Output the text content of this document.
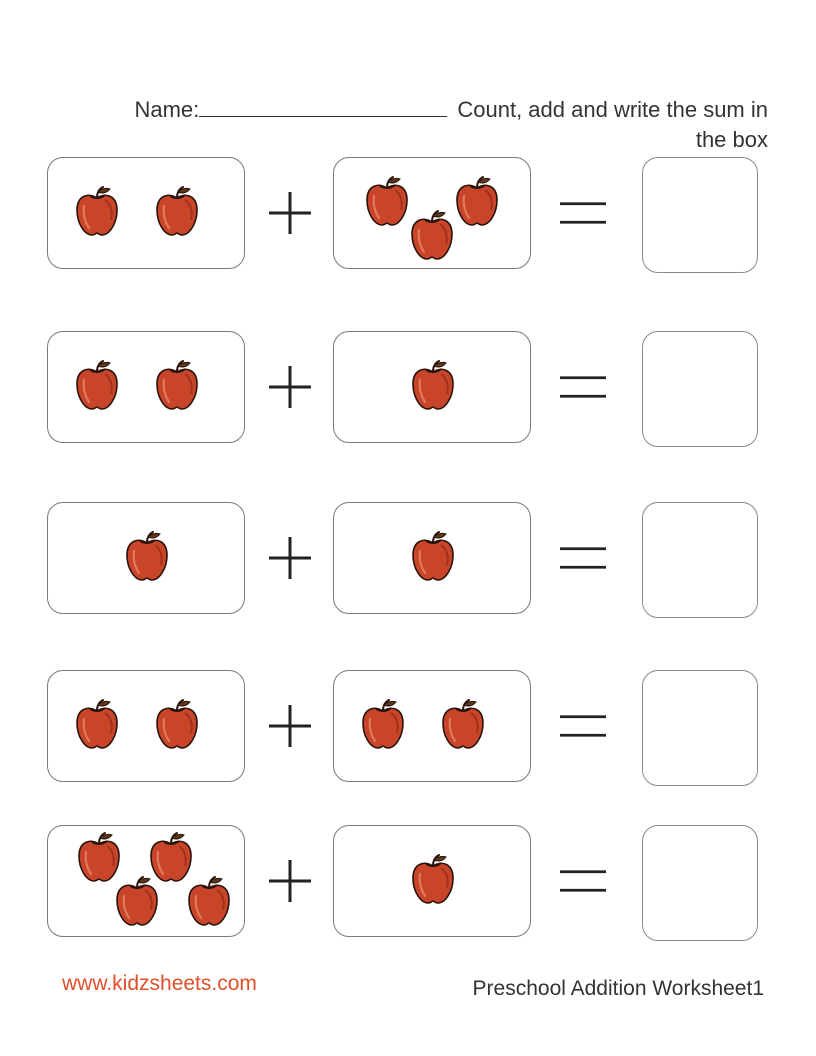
Name:	Count, add and write the sum in
the box
www.kidzsheets.com	Preschool Addition Worksheet1
